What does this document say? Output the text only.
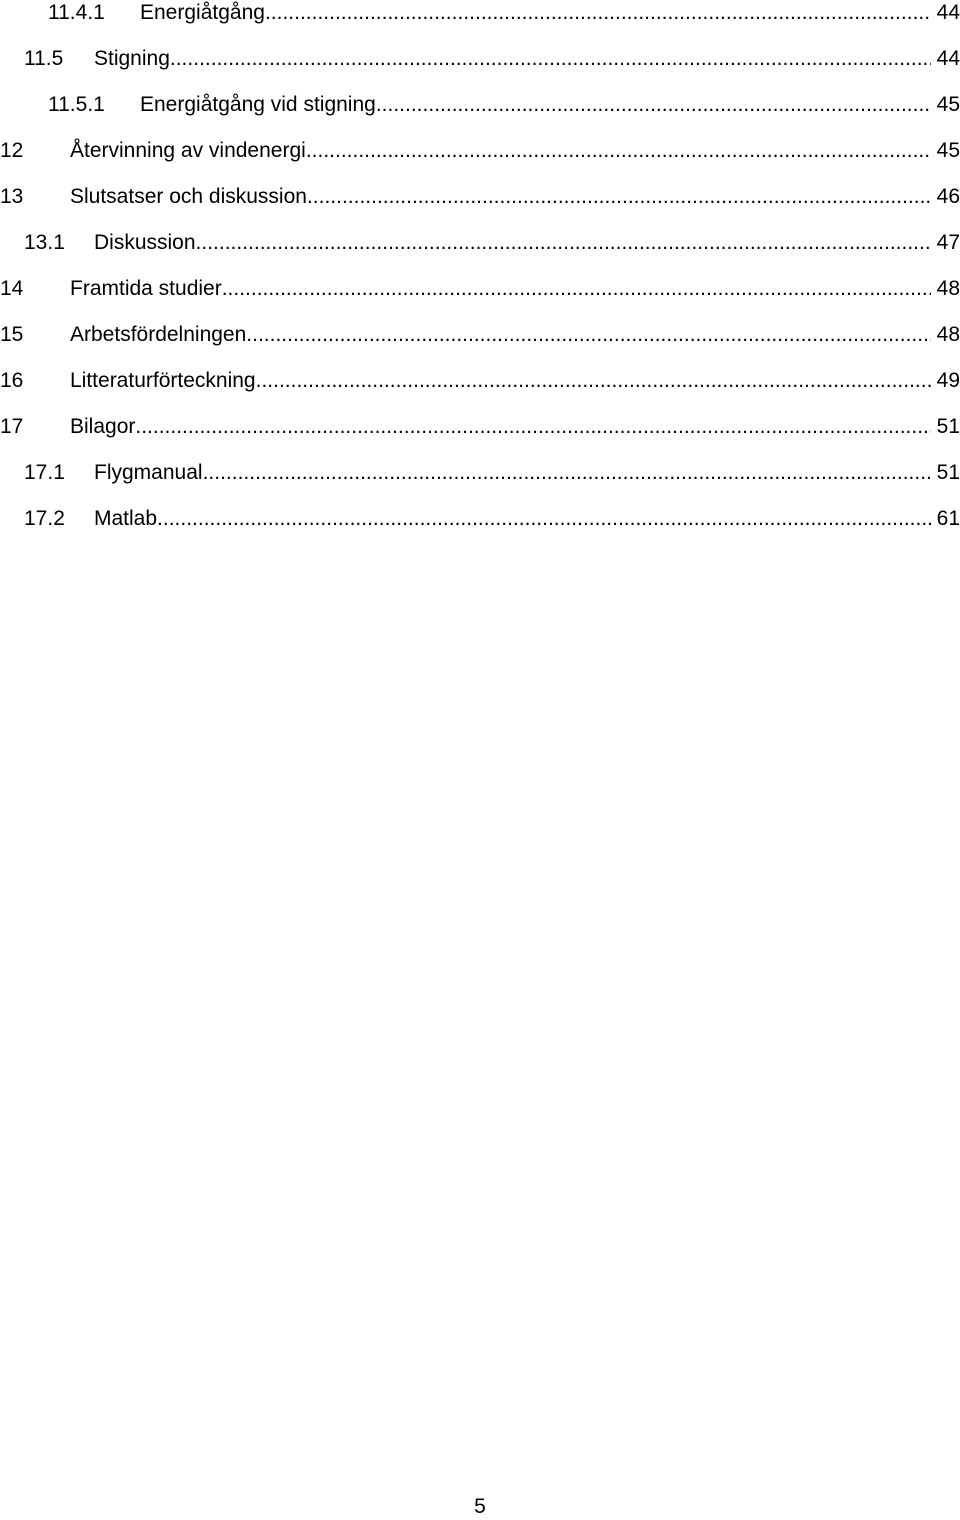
11.4.1	Energiåtgång .....	44
11.5	Stigning .....	44
11.5.1	Energiåtgång vid stigning .....	45
12	Återvinning av vindenergi .....	45
13	Slutsatser och diskussion .....	46
13.1	Diskussion .....	47
14	Framtida studier .....	48
15	Arbetsfördelningen .....	48
16	Litteraturförteckning .....	49
17	Bilagor .....	51
17.1	Flygmanual .....	51
17.2	Matlab .....	61
5
